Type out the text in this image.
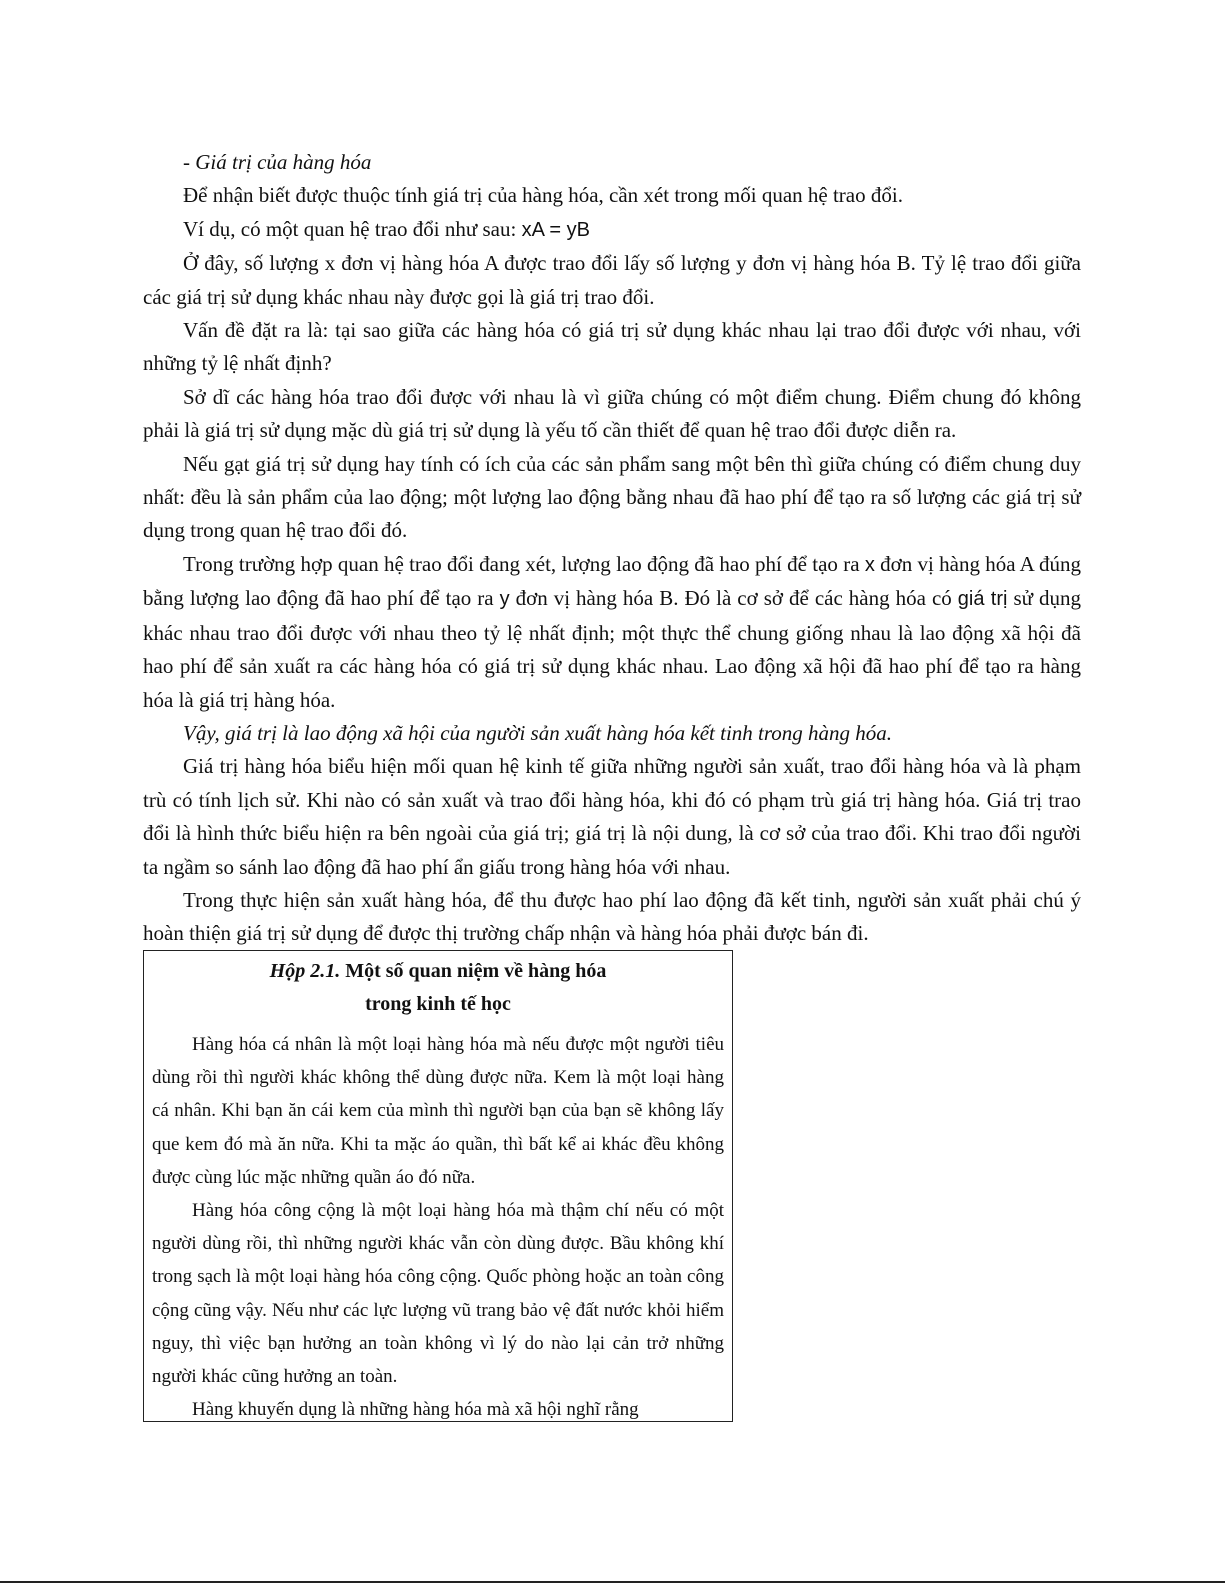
- Giá trị của hàng hóa

Để nhận biết được thuộc tính giá trị của hàng hóa, cần xét trong mối quan hệ trao đổi.

Ví dụ, có một quan hệ trao đổi như sau: xA = yB

Ở đây, số lượng x đơn vị hàng hóa A được trao đổi lấy số lượng y đơn vị hàng hóa B. Tỷ lệ trao đổi giữa các giá trị sử dụng khác nhau này được gọi là giá trị trao đổi.

Vấn đề đặt ra là: tại sao giữa các hàng hóa có giá trị sử dụng khác nhau lại trao đổi được với nhau, với những tỷ lệ nhất định?

Sở dĩ các hàng hóa trao đổi được với nhau là vì giữa chúng có một điểm chung. Điểm chung đó không phải là giá trị sử dụng mặc dù giá trị sử dụng là yếu tố cần thiết để quan hệ trao đổi được diễn ra.

Nếu gạt giá trị sử dụng hay tính có ích của các sản phẩm sang một bên thì giữa chúng có điểm chung duy nhất: đều là sản phẩm của lao động; một lượng lao động bằng nhau đã hao phí để tạo ra số lượng các giá trị sử dụng trong quan hệ trao đổi đó.

Trong trường hợp quan hệ trao đổi đang xét, lượng lao động đã hao phí để tạo ra x đơn vị hàng hóa A đúng bằng lượng lao động đã hao phí để tạo ra y đơn vị hàng hóa B. Đó là cơ sở để các hàng hóa có giá trị sử dụng khác nhau trao đổi được với nhau theo tỷ lệ nhất định; một thực thể chung giống nhau là lao động xã hội đã hao phí để sản xuất ra các hàng hóa có giá trị sử dụng khác nhau. Lao động xã hội đã hao phí để tạo ra hàng hóa là giá trị hàng hóa.

Vậy, giá trị là lao động xã hội của người sản xuất hàng hóa kết tinh trong hàng hóa.

Giá trị hàng hóa biểu hiện mối quan hệ kinh tế giữa những người sản xuất, trao đổi hàng hóa và là phạm trù có tính lịch sử. Khi nào có sản xuất và trao đổi hàng hóa, khi đó có phạm trù giá trị hàng hóa. Giá trị trao đổi là hình thức biểu hiện ra bên ngoài của giá trị; giá trị là nội dung, là cơ sở của trao đổi. Khi trao đổi người ta ngầm so sánh lao động đã hao phí ẩn giấu trong hàng hóa với nhau.

Trong thực hiện sản xuất hàng hóa, để thu được hao phí lao động đã kết tinh, người sản xuất phải chú ý hoàn thiện giá trị sử dụng để được thị trường chấp nhận và hàng hóa phải được bán đi.

Hộp 2.1. Một số quan niệm về hàng hóa
trong kinh tế học

Hàng hóa cá nhân là một loại hàng hóa mà nếu được một người tiêu dùng rồi thì người khác không thể dùng được nữa. Kem là một loại hàng cá nhân. Khi bạn ăn cái kem của mình thì người bạn của bạn sẽ không lấy que kem đó mà ăn nữa. Khi ta mặc áo quần, thì bất kể ai khác đều không được cùng lúc mặc những quần áo đó nữa.

Hàng hóa công cộng là một loại hàng hóa mà thậm chí nếu có một người dùng rồi, thì những người khác vẫn còn dùng được. Bầu không khí trong sạch là một loại hàng hóa công cộng. Quốc phòng hoặc an toàn công cộng cũng vậy. Nếu như các lực lượng vũ trang bảo vệ đất nước khỏi hiểm nguy, thì việc bạn hưởng an toàn không vì lý do nào lại cản trở những người khác cũng hưởng an toàn.

Hàng khuyến dụng là những hàng hóa mà xã hội nghĩ rằng
